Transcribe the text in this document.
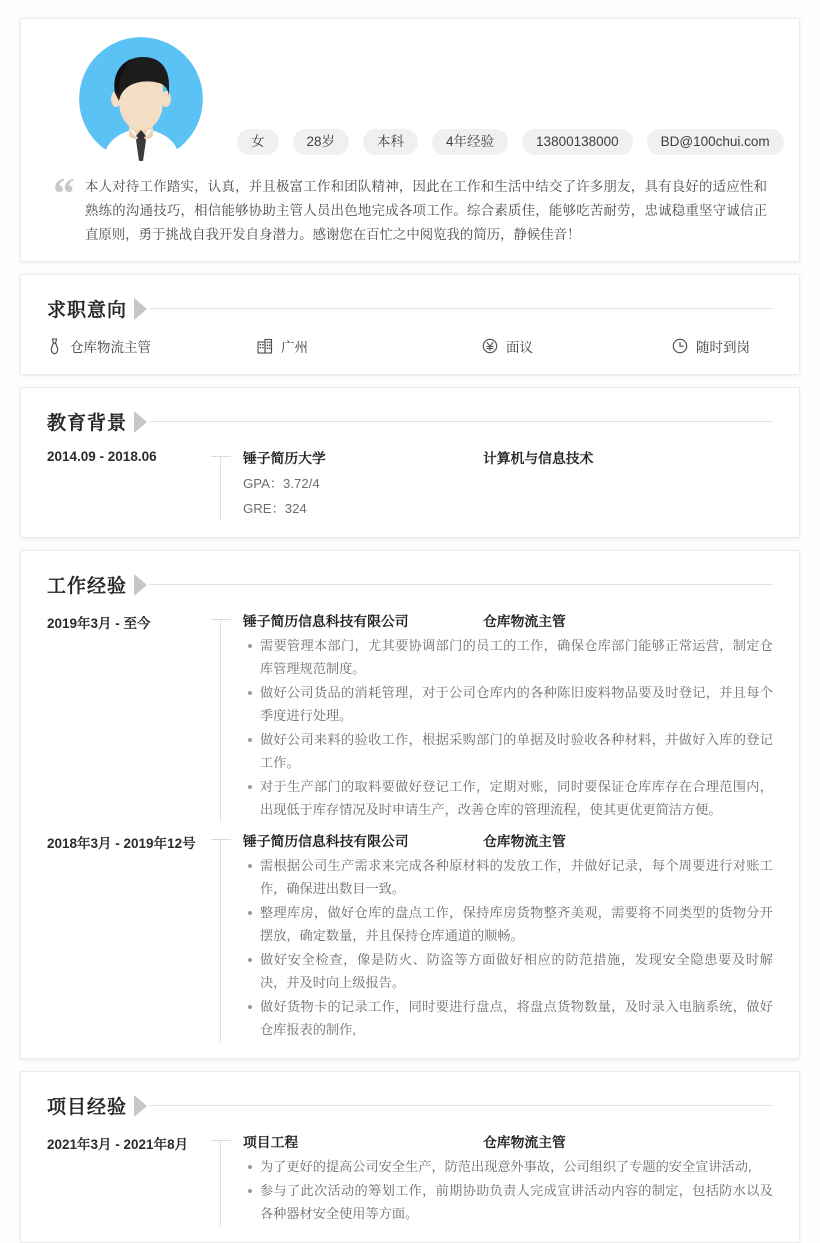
女	28岁	本科	4年经验	13800138000	BD@100chui.com
“ 本人对待工作踏实，认真，并且极富工作和团队精神，因此在工作和生活中结交了许多朋友，具有良好的适应性和熟练的沟通技巧，相信能够协助主管人员出色地完成各项工作。综合素质佳，能够吃苦耐劳，忠诚稳重坚守诚信正直原则，勇于挑战自我开发自身潜力。感谢您在百忙之中阅览我的简历，静候佳音！
求职意向
仓库物流主管	广州	面议	随时到岗
教育背景
2014.09 - 2018.06	锤子简历大学	计算机与信息技术
GPA：3.72/4
GRE：324
工作经验
2019年3月 - 至今	锤子简历信息科技有限公司	仓库物流主管
需要管理本部门，尤其要协调部门的员工的工作，确保仓库部门能够正常运营，制定仓库管理规范制度。
做好公司货品的消耗管理，对于公司仓库内的各种陈旧废料物品要及时登记，并且每个季度进行处理。
做好公司来料的验收工作，根据采购部门的单据及时验收各种材料，并做好入库的登记工作。
对于生产部门的取料要做好登记工作，定期对账，同时要保证仓库库存在合理范围内，出现低于库存情况及时申请生产，改善仓库的管理流程，使其更优更简洁方便。
2018年3月 - 2019年12号	锤子简历信息科技有限公司	仓库物流主管
需根据公司生产需求来完成各种原材料的发放工作，并做好记录，每个周要进行对账工作，确保进出数目一致。
整理库房，做好仓库的盘点工作，保持库房货物整齐美观，需要将不同类型的货物分开摆放，确定数量，并且保持仓库通道的顺畅。
做好安全检查，像是防火、防盗等方面做好相应的防范措施，发现安全隐患要及时解决，并及时向上级报告。
做好货物卡的记录工作，同时要进行盘点，将盘点货物数量，及时录入电脑系统，做好仓库报表的制作,
项目经验
2021年3月 - 2021年8月	项目工程	仓库物流主管
为了更好的提高公司安全生产，防范出现意外事故，公司组织了专题的安全宣讲活动,
参与了此次活动的筹划工作，前期协助负责人完成宣讲活动内容的制定，包括防水以及各种器材安全使用等方面。
